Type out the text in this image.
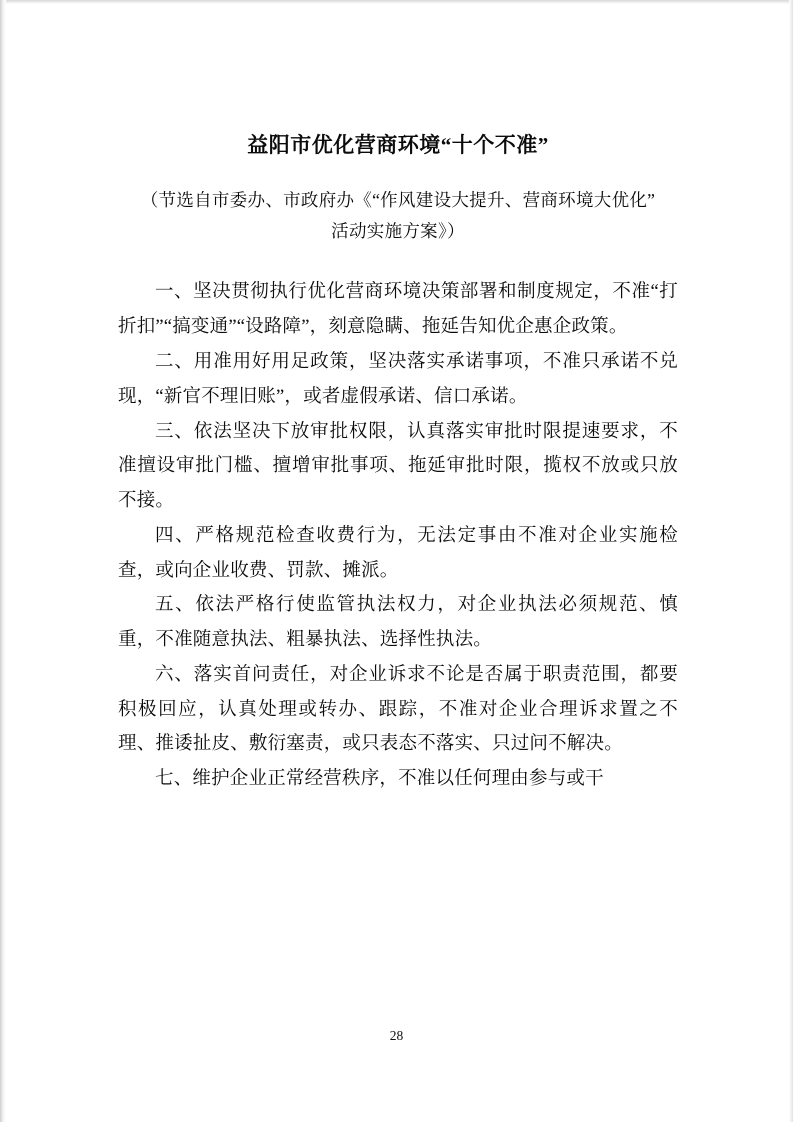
益阳市优化营商环境“十个不准”
（节选自市委办、市政府办《“作风建设大提升、营商环境大优化”
活动实施方案》）

一、坚决贯彻执行优化营商环境决策部署和制度规定，不准“打折扣”“搞变通”“设路障”，刻意隐瞒、拖延告知优企惠企政策。

二、用准用好用足政策，坚决落实承诺事项，不准只承诺不兑现，“新官不理旧账”，或者虚假承诺、信口承诺。

三、依法坚决下放审批权限，认真落实审批时限提速要求，不准擅设审批门槛、擅增审批事项、拖延审批时限，揽权不放或只放不接。

四、严格规范检查收费行为，无法定事由不准对企业实施检查，或向企业收费、罚款、摊派。

五、依法严格行使监管执法权力，对企业执法必须规范、慎重，不准随意执法、粗暴执法、选择性执法。

六、落实首问责任，对企业诉求不论是否属于职责范围，都要积极回应，认真处理或转办、跟踪，不准对企业合理诉求置之不理、推诿扯皮、敷衍塞责，或只表态不落实、只过问不解决。

七、维护企业正常经营秩序，不准以任何理由参与或干

28
